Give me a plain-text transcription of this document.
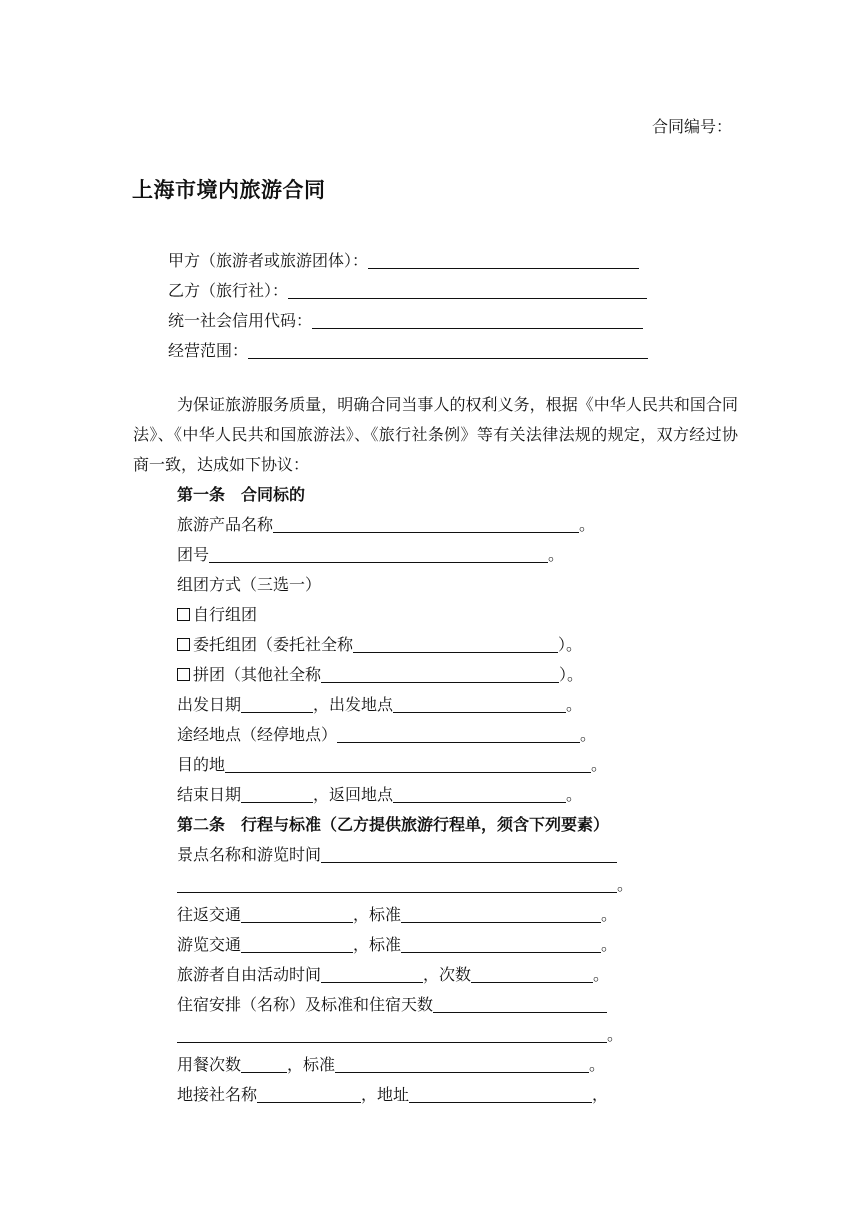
合同编号：
上海市境内旅游合同
甲方（旅游者或旅游团体）：
乙方（旅行社）：
统一社会信用代码：
经营范围：
为保证旅游服务质量，明确合同当事人的权利义务，根据《中华人民共和国合同法》、《中华人民共和国旅游法》、《旅行社条例》等有关法律法规的规定，双方经过协商一致，达成如下协议：
第一条 合同标的
旅游产品名称	。
团号	。
组团方式（三选一）
自行组团
委托组团（委托社全称	）。
拼团（其他社全称	）。
出发日期	，出发地点	。
途经地点（经停地点）	。
目的地	。
结束日期	，返回地点	。
第二条 行程与标准（乙方提供旅游行程单，须含下列要素）
景点名称和游览时间
。
往返交通	，标准	。
游览交通	，标准	。
旅游者自由活动时间	，次数	。
住宿安排（名称）及标准和住宿天数
。
用餐次数	，标准	。
地接社名称	，地址	，
